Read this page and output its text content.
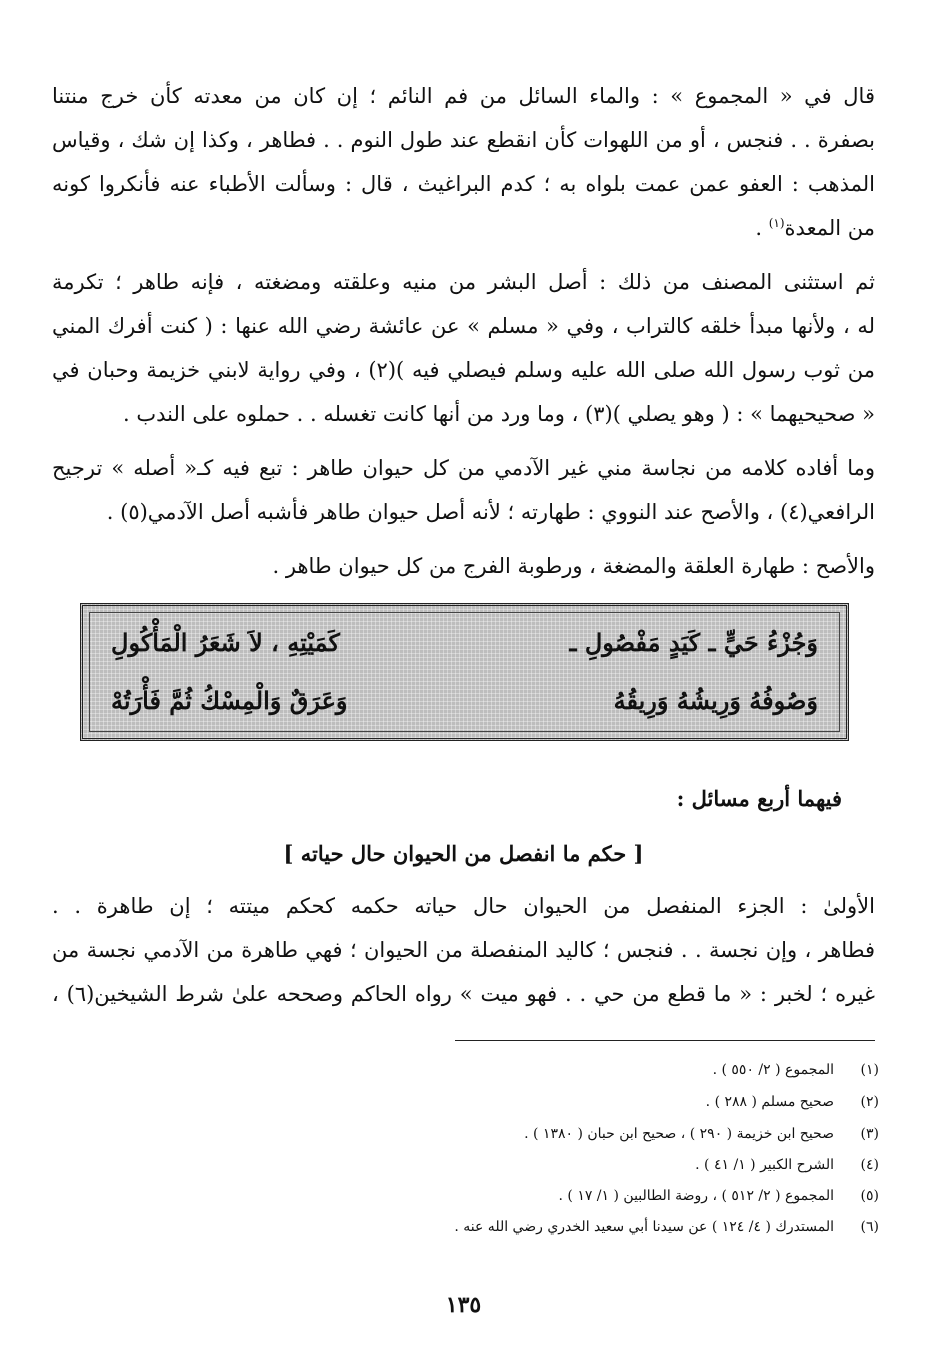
قال في « المجموع » : والماء السائل من فم النائم ؛ إن كان من معدته كأن خرج منتنا
بصفرة . . فنجس ، أو من اللهوات كأن انقطع عند طول النوم . . فطاهر ، وكذا إن شك ، وقياس
المذهب : العفو عمن عمت بلواه به ؛ كدم البراغيث ، قال : وسألت الأطباء عنه فأنكروا كونه
من المعدة$^{(١)}$ .
ثم استثنى المصنف من ذلك : أصل البشر من منيه وعلقته ومضغته ، فإنه طاهر ؛ تكرمة
له ، ولأنها مبدأ خلقه كالتراب ، وفي « مسلم » عن عائشة رضي الله عنها : ( كنت أفرك المني
من ثوب رسول الله صلى الله عليه وسلم فيصلي فيه )(٢) ، وفي رواية لابني خزيمة وحبان في
« صحيحيهما » : ( وهو يصلي )(٣) ، وما ورد من أنها كانت تغسله . . حملوه على الندب .
وما أفاده كلامه من نجاسة مني غير الآدمي من كل حيوان طاهر : تبع فيه كـ« أصله » ترجيح
الرافعي(٤) ، والأصح عند النووي : طهارته ؛ لأنه أصل حيوان طاهر فأشبه أصل الآدمي(٥) .
والأصح : طهارة العلقة والمضغة ، ورطوبة الفرج من كل حيوان طاهر .
وَجُزْءُ حَيٍّ ـ كَيَدٍ مَفْصُولِ ـ
كَمَيْتِهِ ، لاَ شَعَرُ الْمَأْكُولِ
وَصُوفُهُ وَرِيشُهُ وَرِيقُهُ
وَعَرَقٌ وَالْمِسْكُ ثُمَّ فَأْرَتُهْ
فيهما أربع مسائل :
[ حكم ما انفصل من الحيوان حال حياته ]
الأولىٰ : الجزء المنفصل من الحيوان حال حياته حكمه كحكم ميتته ؛ إن طاهرة . .
فطاهر ، وإن نجسة . . فنجس ؛ كاليد المنفصلة من الحيوان ؛ فهي طاهرة من الآدمي نجسة من
غيره ؛ لخبر : « ما قطع من حي . . فهو ميت » رواه الحاكم وصححه علىٰ شرط الشيخين(٦) ،
(١)المجموع ( ٢/ ٥٥٠ ) .
(٢)صحيح مسلم ( ٢٨٨ ) .
(٣)صحيح ابن خزيمة ( ٢٩٠ ) ، صحيح ابن حبان ( ١٣٨٠ ) .
(٤)الشرح الكبير ( ١/ ٤١ ) .
(٥)المجموع ( ٢/ ٥١٢ ) ، روضة الطالبين ( ١/ ١٧ ) .
(٦)المستدرك ( ٤/ ١٢٤ ) عن سيدنا أبي سعيد الخدري رضي الله عنه .
١٣٥
